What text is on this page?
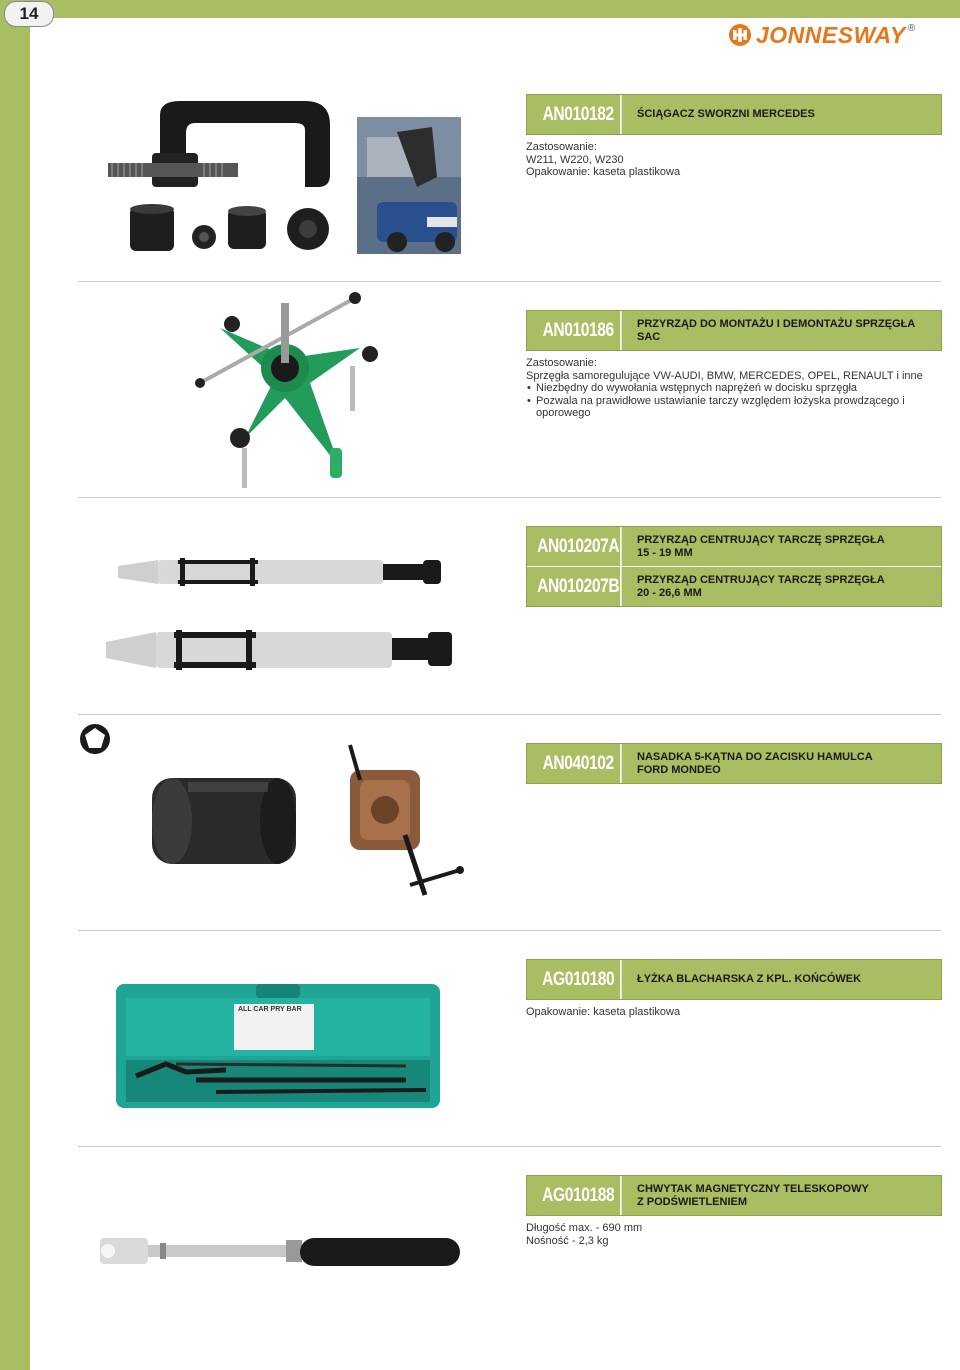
14
JONNESWAY ®
AN010182	ŚCIĄGACZ SWORZNI MERCEDES
Zastosowanie:
W211, W220, W230
Opakowanie: kaseta plastikowa
AN010186	PRZYRZĄD DO MONTAŻU I DEMONTAŻU SPRZĘGŁA SAC
Zastosowanie:
Sprzęgła samoregulujące VW-AUDI, BMW, MERCEDES, OPEL, RENAULT i inne
• Niezbędny do wywołania wstępnych naprężeń w docisku sprzęgła
• Pozwala na prawidłowe ustawianie tarczy względem łożyska prowdzącego i oporowego
AN010207A PRZYRZĄD CENTRUJĄCY TARCZĘ SPRZĘGŁA
15 - 19 MM
AN010207B PRZYRZĄD CENTRUJĄCY TARCZĘ SPRZĘGŁA
20 - 26,6 MM
AN040102	NASADKA 5-KĄTNA DO ZACISKU HAMULCA
FORD MONDEO
AG010180	ŁYŻKA BLACHARSKA Z KPL. KOŃCÓWEK
Opakowanie: kaseta plastikowa
ALL CAR PRY BAR
AG010188	CHWYTAK MAGNETYCZNY TELESKOPOWY
Z PODŚWIETLENIEM
Długość max. - 690 mm
Nośność - 2,3 kg
